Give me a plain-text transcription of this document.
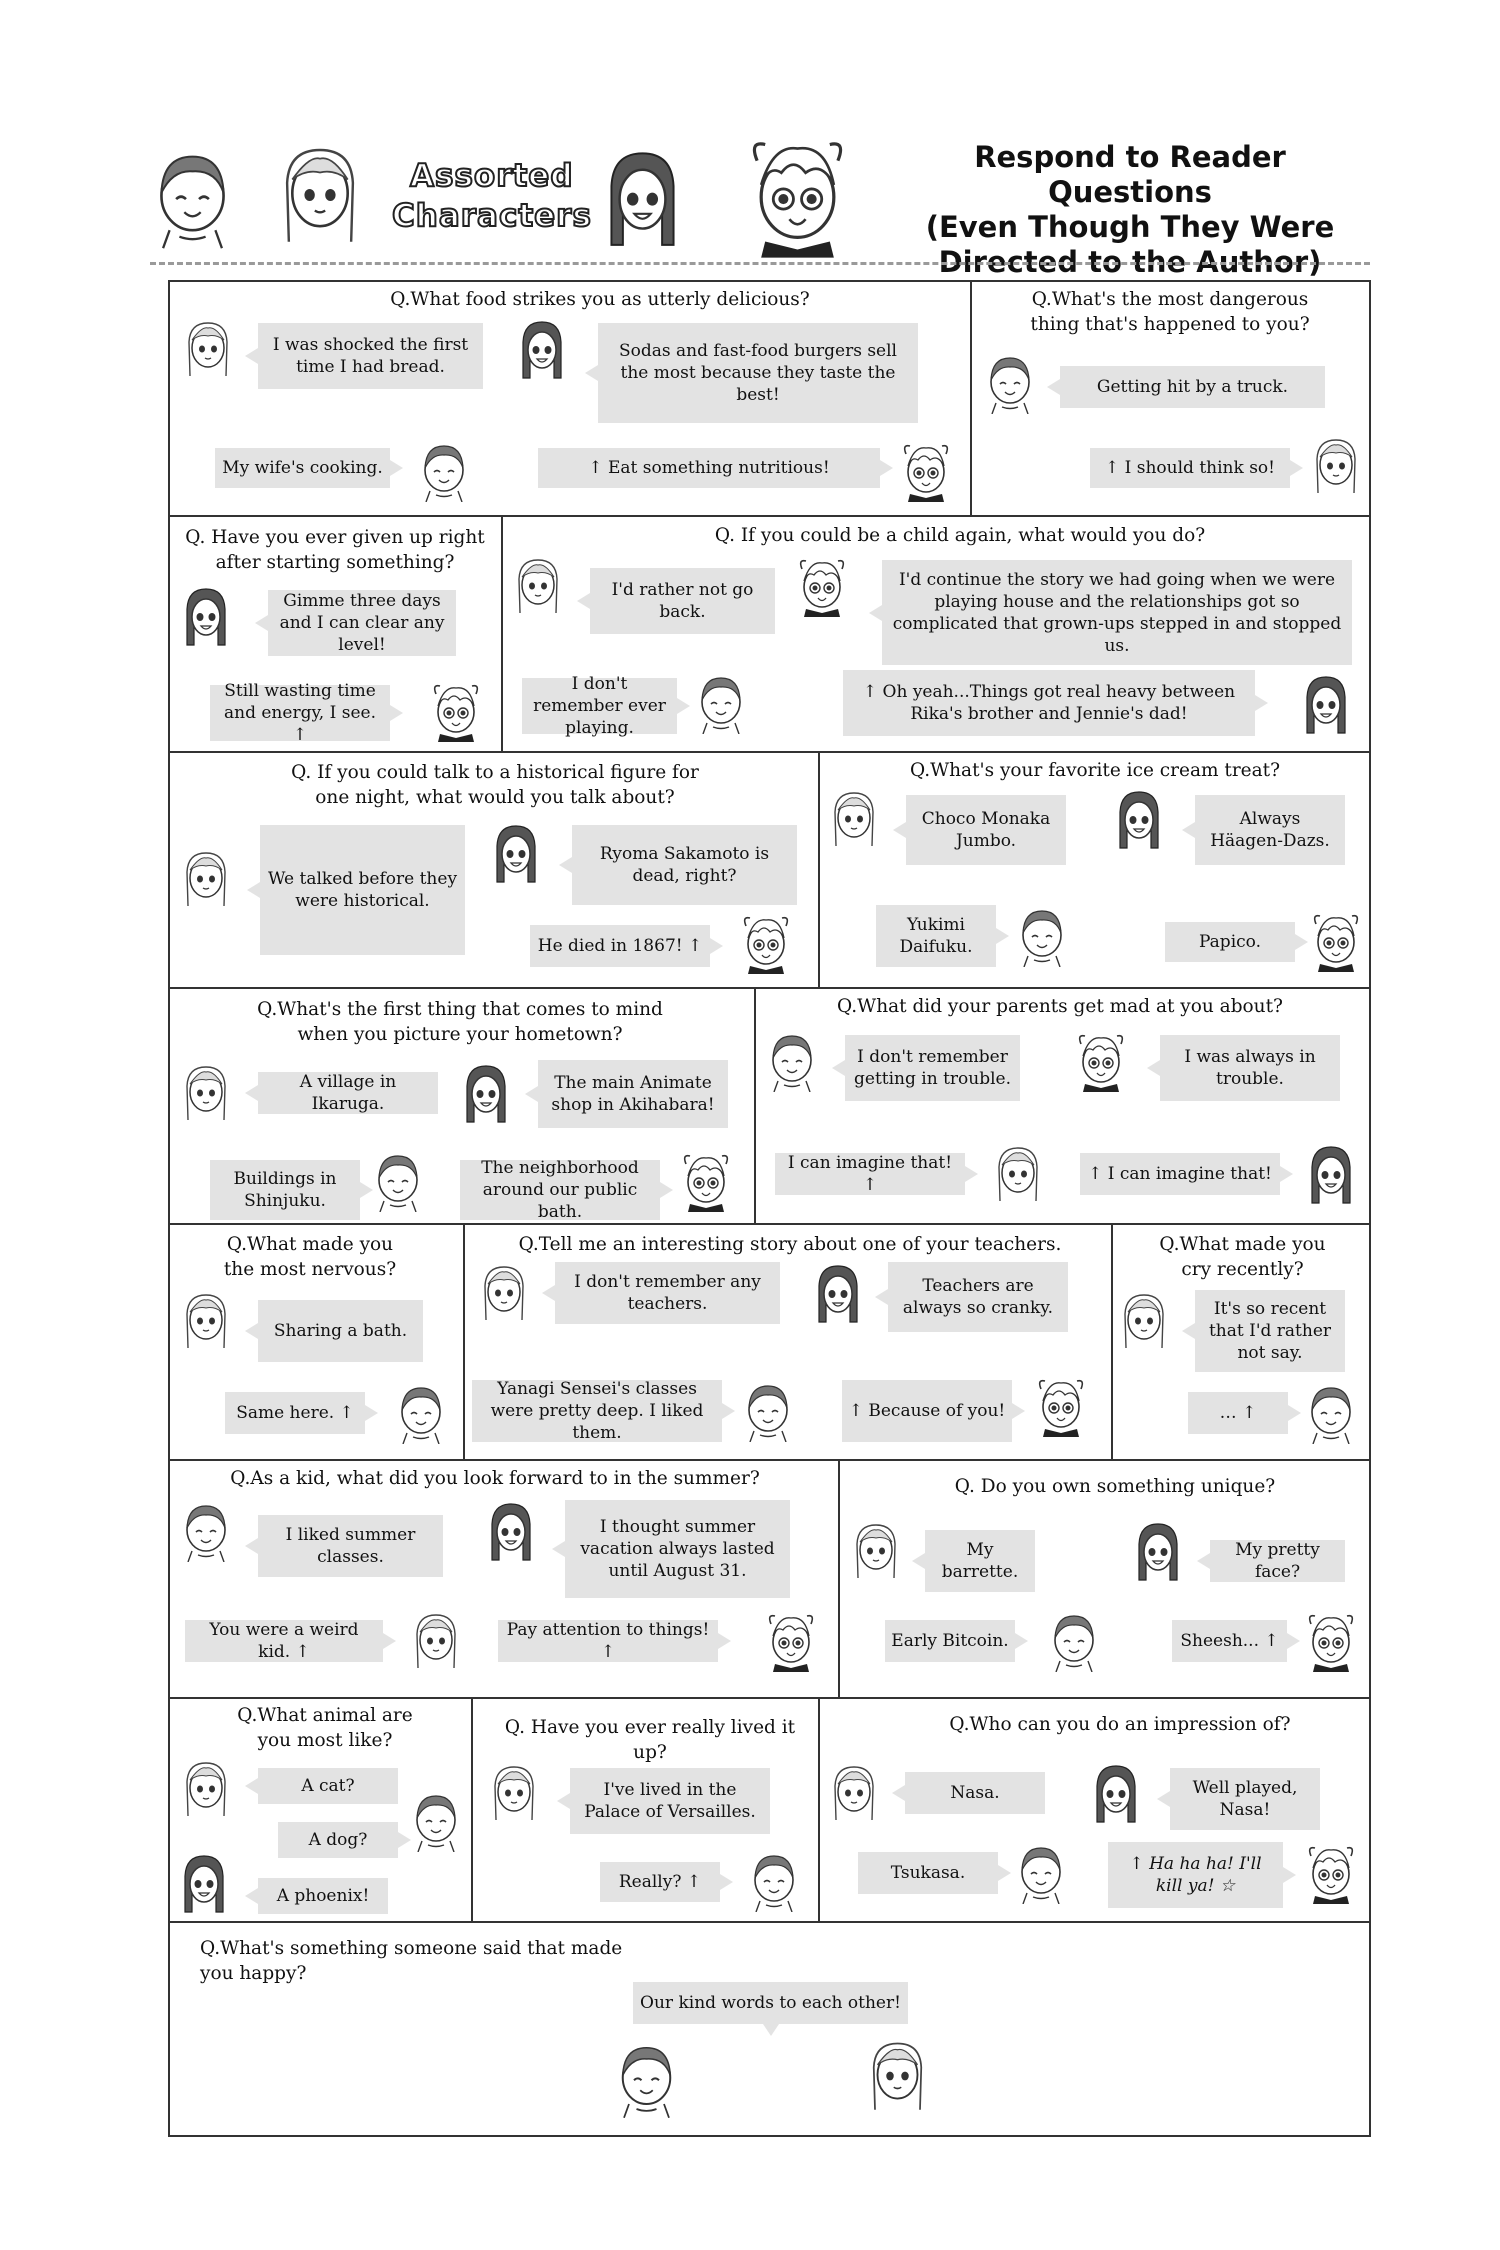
Assorted
Characters
Respond to Reader Questions
(Even Though They Were
Directed to the Author)
Q.What food strikes you as utterly delicious?
I was shocked the first time I had bread.
Sodas and fast-food burgers sell the most because they taste the best!
My wife's cooking.	↑ Eat something nutritious!
Q.What's the most dangerous thing that's happened to you?
Getting hit by a truck.
↑ I should think so!
Q. Have you ever given up right after starting something?
Gimme three days and I can clear any level!
Still wasting time and energy, I see. ↑
Q. If you could be a child again, what would you do?
I'd rather not go back.
I'd continue the story we had going when we were playing house and the relationships got so complicated that grown-ups stepped in and stopped us.
I don't remember ever playing.
↑ Oh yeah...Things got real heavy between Rika's brother and Jennie's dad!
Q. If you could talk to a historical figure for one night, what would you talk about?
We talked before they were historical.
Ryoma Sakamoto is dead, right?
He died in 1867! ↑
Q.What's your favorite ice cream treat?
Choco Monaka Jumbo.
Always Häagen-Dazs.
Yukimi Daifuku.	Papico.
Q.What's the first thing that comes to mind when you picture your hometown?
A village in Ikaruga.
The main Animate shop in Akihabara!
Buildings in Shinjuku.
The neighborhood around our public bath.
Q.What did your parents get mad at you about?
I don't remember getting in trouble.
I was always in trouble.
I can imagine that! ↑
↑ I can imagine that!
Q.What made you the most nervous?
Sharing a bath.
Same here. ↑
Q.Tell me an interesting story about one of your teachers.
I don't remember any teachers.
Teachers are always so cranky.
Yanagi Sensei's classes were pretty deep. I liked them.
↑ Because of you!
Q.What made you cry recently?
It's so recent that I'd rather not say.
… ↑
Q.As a kid, what did you look forward to in the summer?
I liked summer classes.
I thought summer vacation always lasted until August 31.
You were a weird kid. ↑
Pay attention to things! ↑
Q. Do you own something unique?
My barrette.
My pretty face?
Early Bitcoin.	Sheesh... ↑
Q.What animal are you most like?
A cat?
A dog?
A phoenix!
Q. Have you ever really lived it up?
I've lived in the Palace of Versailles.
Really? ↑
Q.Who can you do an impression of?
Nasa.	Well played, Nasa!
Tsukasa.	↑ Ha ha ha! I'll kill ya! ☆
Q.What's something someone said that made you happy?
Our kind words to each other!
